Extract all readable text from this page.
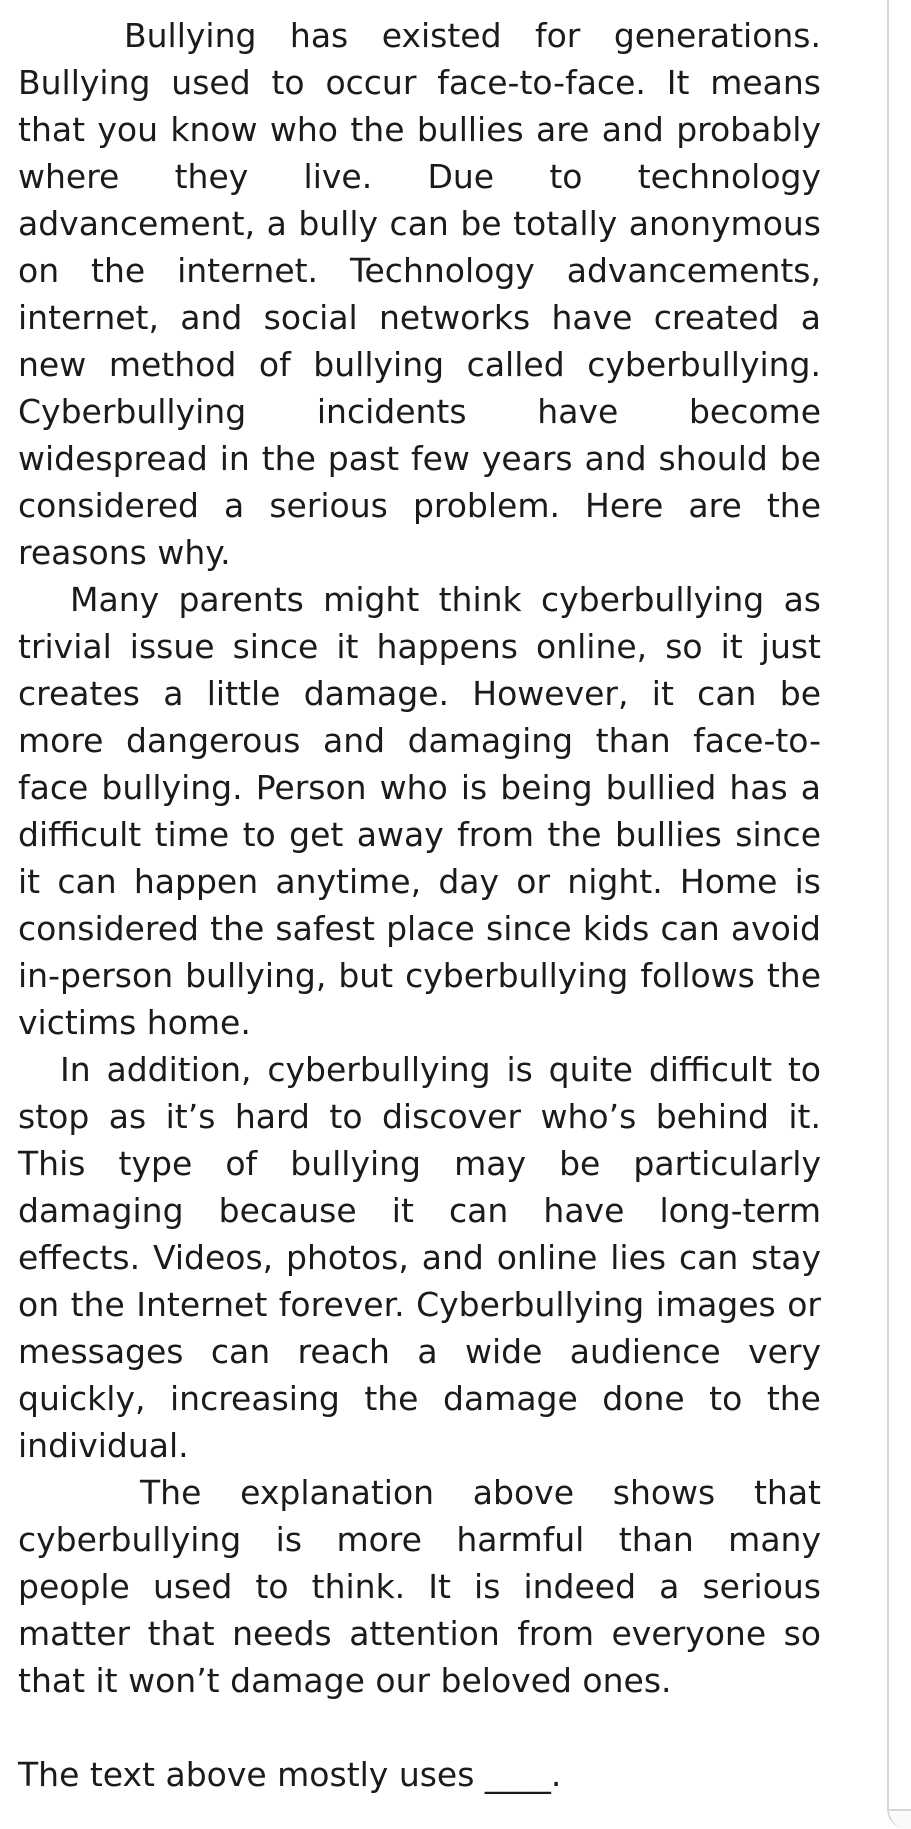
Bullying has existed for generations. Bullying used to occur face-to-face. It means that you know who the bullies are and probably where they live. Due to technology advancement, a bully can be totally anonymous on the internet. Technology advancements, internet, and social networks have created a new method of bullying called cyberbullying. Cyberbullying incidents have become widespread in the past few years and should be considered a serious problem. Here are the reasons why.

Many parents might think cyberbullying as trivial issue since it happens online, so it just creates a little damage. However, it can be more dangerous and damaging than face-to-face bullying. Person who is being bullied has a difficult time to get away from the bullies since it can happen anytime, day or night. Home is considered the safest place since kids can avoid in-person bullying, but cyberbullying follows the victims home.

In addition, cyberbullying is quite difficult to stop as it’s hard to discover who’s behind it. This type of bullying may be particularly damaging because it can have long-term effects. Videos, photos, and online lies can stay on the Internet forever. Cyberbullying images or messages can reach a wide audience very quickly, increasing the damage done to the individual.

The explanation above shows that cyberbullying is more harmful than many people used to think. It is indeed a serious matter that needs attention from everyone so that it won’t damage our beloved ones.

The text above mostly uses ____.
